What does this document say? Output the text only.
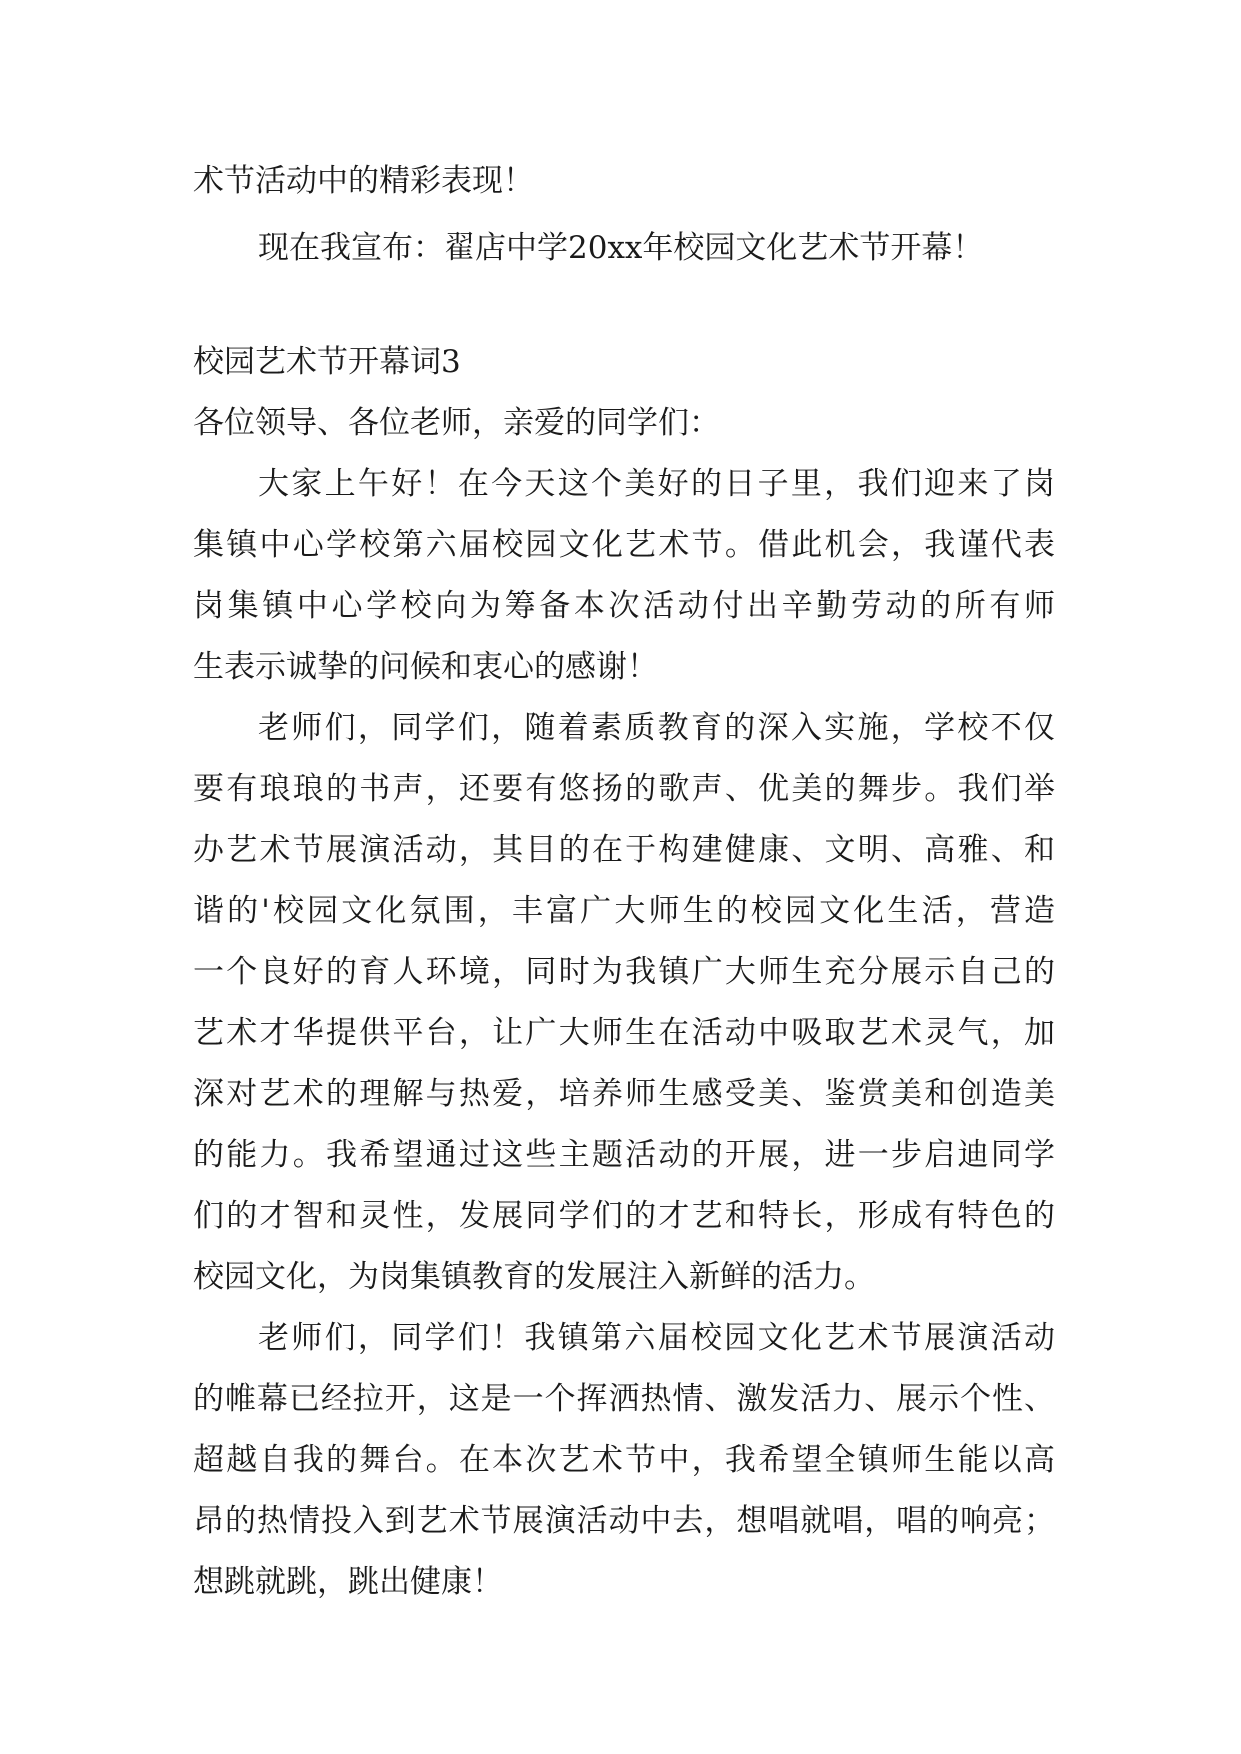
术节活动中的精彩表现！
现在我宣布：翟店中学20xx年校园文化艺术节开幕！
校园艺术节开幕词3
各位领导、各位老师，亲爱的同学们：
大家上午好！在今天这个美好的日子里，我们迎来了岗
集镇中心学校第六届校园文化艺术节。借此机会，我谨代表
岗集镇中心学校向为筹备本次活动付出辛勤劳动的所有师
生表示诚挚的问候和衷心的感谢！
老师们，同学们，随着素质教育的深入实施，学校不仅
要有琅琅的书声，还要有悠扬的歌声、优美的舞步。我们举
办艺术节展演活动，其目的在于构建健康、文明、高雅、和
谐的'校园文化氛围，丰富广大师生的校园文化生活，营造
一个良好的育人环境，同时为我镇广大师生充分展示自己的
艺术才华提供平台，让广大师生在活动中吸取艺术灵气，加
深对艺术的理解与热爱，培养师生感受美、鉴赏美和创造美
的能力。我希望通过这些主题活动的开展，进一步启迪同学
们的才智和灵性，发展同学们的才艺和特长，形成有特色的
校园文化，为岗集镇教育的发展注入新鲜的活力。
老师们，同学们！我镇第六届校园文化艺术节展演活动
的帷幕已经拉开，这是一个挥洒热情、激发活力、展示个性、
超越自我的舞台。在本次艺术节中，我希望全镇师生能以高
昂的热情投入到艺术节展演活动中去，想唱就唱，唱的响亮；
想跳就跳，跳出健康！
